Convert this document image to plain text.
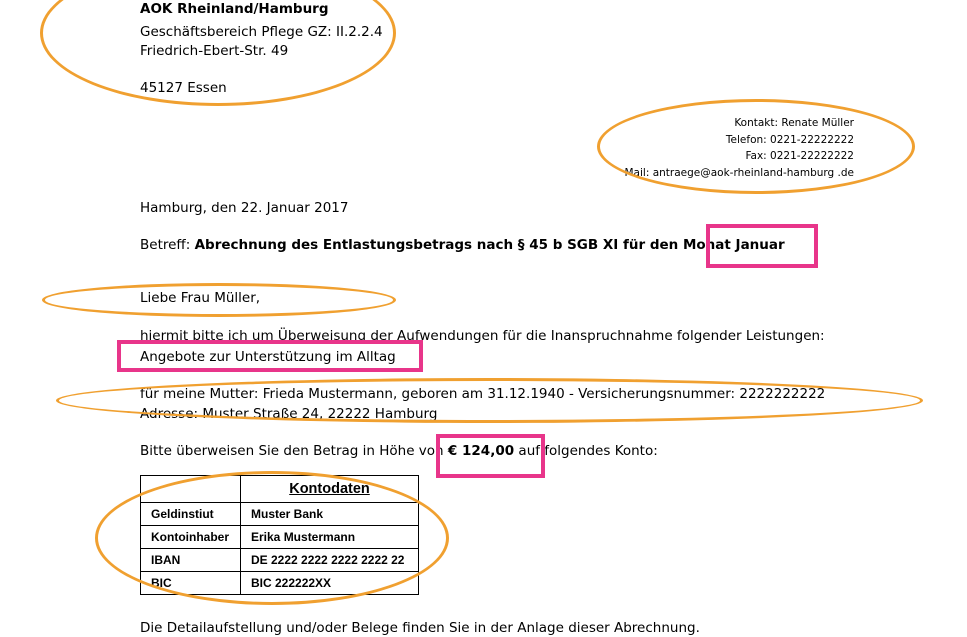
AOK Rheinland/Hamburg
Geschäftsbereich Pflege GZ: II.2.2.4
Friedrich-Ebert-Str. 49
45127 Essen
Kontakt: Renate Müller
Telefon: 0221-22222222
Fax: 0221-22222222
Mail: antraege@aok-rheinland-hamburg .de
Hamburg, den 22. Januar 2017
Betreff: Abrechnung des Entlastungsbetrags nach § 45 b SGB XI für den Monat Januar
Liebe Frau Müller,
hiermit bitte ich um Überweisung der Aufwendungen für die Inanspruchnahme folgender Leistungen:
Angebote zur Unterstützung im Alltag
für meine Mutter: Frieda Mustermann, geboren am 31.12.1940 - Versicherungsnummer: 2222222222
Adresse: Muster Straße 24, 22222 Hamburg
Bitte überweisen Sie den Betrag in Höhe von € 124,00 auf folgendes Konto:
	Kontodaten
Geldinstiut	Muster Bank
Kontoinhaber	Erika Mustermann
IBAN	DE 2222 2222 2222 2222 22
BIC	BIC 222222XX
Die Detailaufstellung und/oder Belege finden Sie in der Anlage dieser Abrechnung.
